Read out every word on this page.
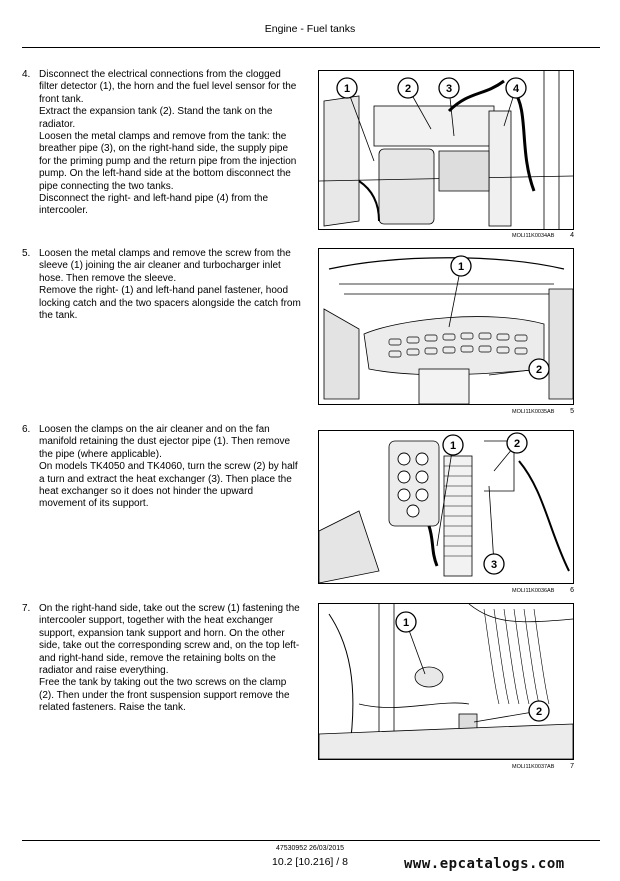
Engine - Fuel tanks
4. Disconnect the electrical connections from the clogged filter detector (1), the horn and the fuel level sensor for the front tank.

Extract the expansion tank (2). Stand the tank on the radiator.

Loosen the metal clamps and remove from the tank: the breather pipe (3), on the right-hand side, the supply pipe for the priming pump and the return pipe from the injection pump. On the left-hand side at the bottom disconnect the pipe connecting the two tanks.

Disconnect the right- and left-hand pipe (4) from the intercooler.

1	2	3	4
MOLI11K0034AB 4
5. Loosen the metal clamps and remove the screw from the sleeve (1) joining the air cleaner and turbocharger inlet hose. Then remove the sleeve.

Remove the right- (1) and left-hand panel fastener, hood locking catch and the two spacers alongside the catch from the tank.

1
2
MOLI11K0035AB 5
6. Loosen the clamps on the air cleaner and on the fan manifold retaining the dust ejector pipe (1). Then remove the pipe (where applicable).

On models TK4050 and TK4060, turn the screw (2) by half a turn and extract the heat exchanger (3). Then place the heat exchanger so it does not hinder the upward movement of its support.

1	2
3
MOLI11K0036AB 6
7. On the right-hand side, take out the screw (1) fastening the intercooler support, together with the heat exchanger support, expansion tank support and horn. On the other side, take out the corresponding screw and, on the top left- and right-hand side, remove the retaining bolts on the radiator and raise everything.

Free the tank by taking out the two screws on the clamp (2). Then under the front suspension support remove the related fasteners. Raise the tank.

1
2
MOLI11K0037AB 7
47530952 26/03/2015
10.2 [10.216] / 8	www.epcatalogs.com
